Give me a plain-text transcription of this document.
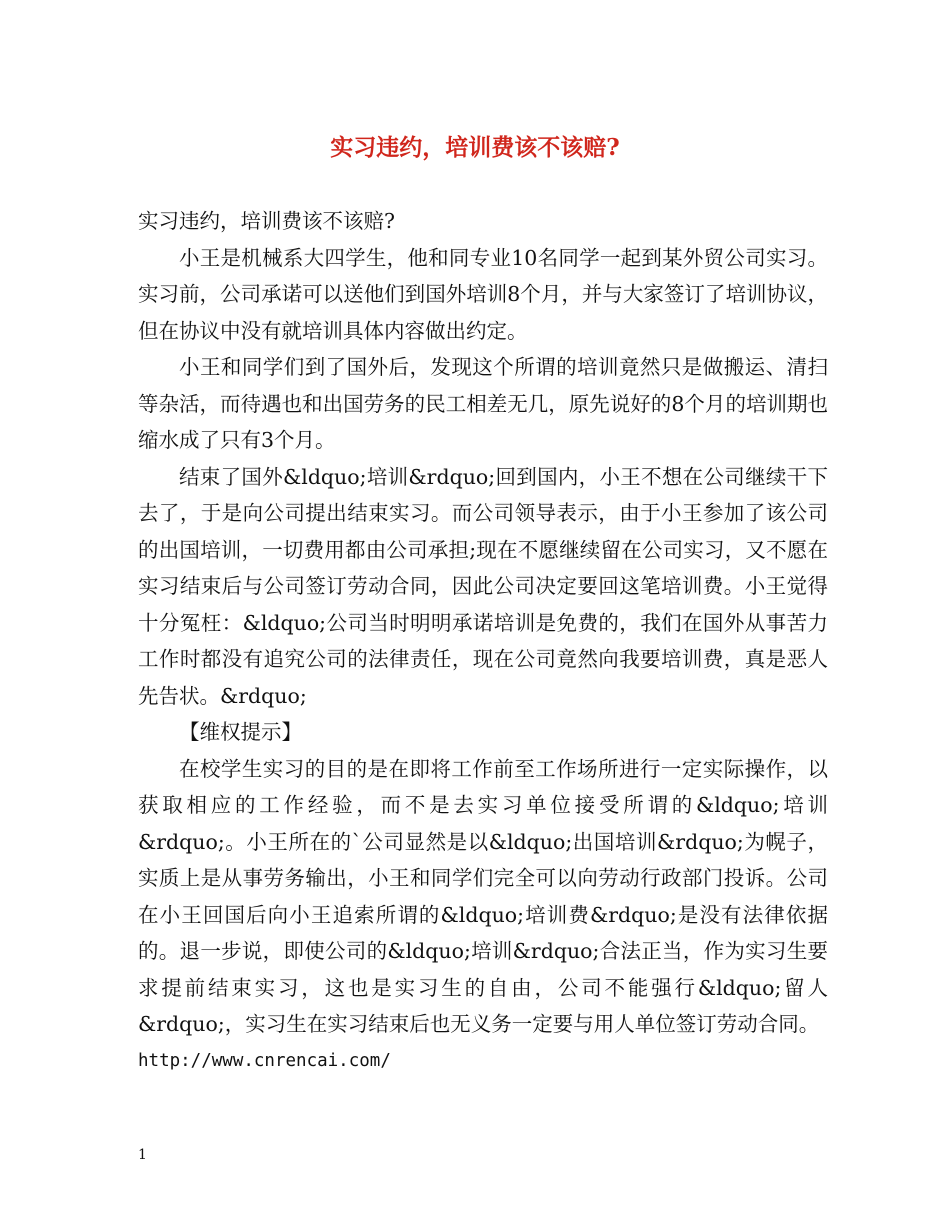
实习违约，培训费该不该赔?

实习违约，培训费该不该赔?

小王是机械系大四学生，他和同专业10名同学一起到某外贸公司实习。实习前，公司承诺可以送他们到国外培训8个月，并与大家签订了培训协议，但在协议中没有就培训具体内容做出约定。

小王和同学们到了国外后，发现这个所谓的培训竟然只是做搬运、清扫等杂活，而待遇也和出国劳务的民工相差无几，原先说好的8个月的培训期也缩水成了只有3个月。

结束了国外&ldquo;培训&rdquo;回到国内，小王不想在公司继续干下去了，于是向公司提出结束实习。而公司领导表示，由于小王参加了该公司的出国培训，一切费用都由公司承担;现在不愿继续留在公司实习，又不愿在实习结束后与公司签订劳动合同，因此公司决定要回这笔培训费。小王觉得十分冤枉：&ldquo;公司当时明明承诺培训是免费的，我们在国外从事苦力工作时都没有追究公司的法律责任，现在公司竟然向我要培训费，真是恶人先告状。&rdquo;

【维权提示】

在校学生实习的目的是在即将工作前至工作场所进行一定实际操作，以获取相应的工作经验，而不是去实习单位接受所谓的&ldquo;培训&rdquo;。小王所在的`公司显然是以&ldquo;出国培训&rdquo;为幌子，实质上是从事劳务输出，小王和同学们完全可以向劳动行政部门投诉。公司在小王回国后向小王追索所谓的&ldquo;培训费&rdquo;是没有法律依据的。退一步说，即使公司的&ldquo;培训&rdquo;合法正当，作为实习生要求提前结束实习，这也是实习生的自由，公司不能强行&ldquo;留人&rdquo;，实习生在实习结束后也无义务一定要与用人单位签订劳动合同。

http://www.cnrencai.com/

1
